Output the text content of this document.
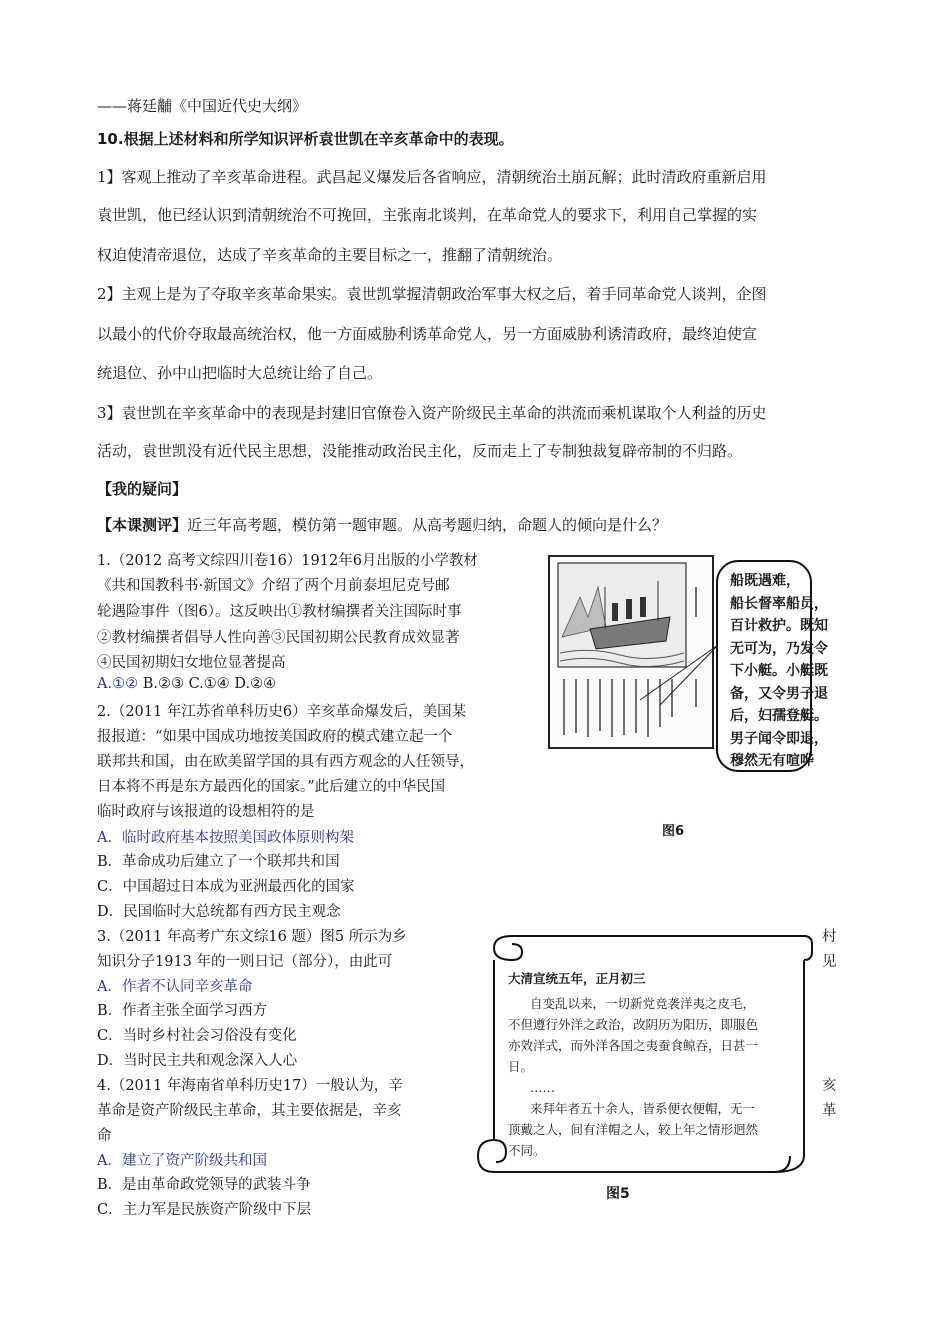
——蒋廷黼《中国近代史大纲》
10.根据上述材料和所学知识评析袁世凯在辛亥革命中的表现。
1】客观上推动了辛亥革命进程。武昌起义爆发后各省响应，清朝统治土崩瓦解；此时清政府重新启用
袁世凯，他已经认识到清朝统治不可挽回，主张南北谈判，在革命党人的要求下，利用自己掌握的实
权迫使清帝退位，达成了辛亥革命的主要目标之一，推翻了清朝统治。
2】主观上是为了夺取辛亥革命果实。袁世凯掌握清朝政治军事大权之后，着手同革命党人谈判，企图
以最小的代价夺取最高统治权，他一方面威胁利诱革命党人，另一方面威胁利诱清政府，最终迫使宣
统退位、孙中山把临时大总统让给了自己。
3】袁世凯在辛亥革命中的表现是封建旧官僚卷入资产阶级民主革命的洪流而乘机谋取个人利益的历史
活动，袁世凯没有近代民主思想，没能推动政治民主化，反而走上了专制独裁复辟帝制的不归路。
【我的疑问】
【本课测评】近三年高考题，模仿第一题审题。从高考题归纳，命题人的倾向是什么？
1.（2012 高考文综四川卷16）1912年6月出版的小学教材
《共和国教科书·新国文》介绍了两个月前泰坦尼克号邮
轮遇险事件（图6）。这反映出①教材编撰者关注国际时事
②教材编撰者倡导人性向善③民国初期公民教育成效显著
④民国初期妇女地位显著提高
A.①② B.②③ C.①④ D.②④
2.（2011 年江苏省单科历史6）辛亥革命爆发后，美国某
报报道：“如果中国成功地按美国政府的模式建立起一个
联邦共和国，由在欧美留学国的具有西方观念的人任领导，
日本将不再是东方最西化的国家。”此后建立的中华民国
临时政府与该报道的设想相符的是
A．临时政府基本按照美国政体原则构架
B．革命成功后建立了一个联邦共和国
C．中国超过日本成为亚洲最西化的国家
D．民国临时大总统都有西方民主观念
3.（2011 年高考广东文综16 题）图5 所示为乡
知识分子1913 年的一则日记（部分），由此可
村
见
A．作者不认同辛亥革命
B．作者主张全面学习西方
C．当时乡村社会习俗没有变化
D．当时民主共和观念深入人心
4.（2011 年海南省单科历史17）一般认为，辛
革命是资产阶级民主革命，其主要依据是，辛亥
命
亥
革
A．建立了资产阶级共和国
B．是由革命政党领导的武装斗争
C．主力军是民族资产阶级中下层
船既遇难，
船长督率船员，
百计救护。既知
无可为，乃发令
下小艇。小艇既
备，又令男子退
后，妇孺登艇。
男子闻令即退，
穆然无有喧哗
图6
大清宣统五年，正月初三
自变乱以来，一切新党竞袭洋夷之皮毛，
不但遵行外洋之政治，改阴历为阳历，即服色
亦效洋式，而外洋各国之夷蚕食鲸吞，日甚一
日。
……
来拜年者五十余人，皆系便衣便帽，无一
顶戴之人，间有洋帽之人，较上年之情形迥然
不同。
图5
